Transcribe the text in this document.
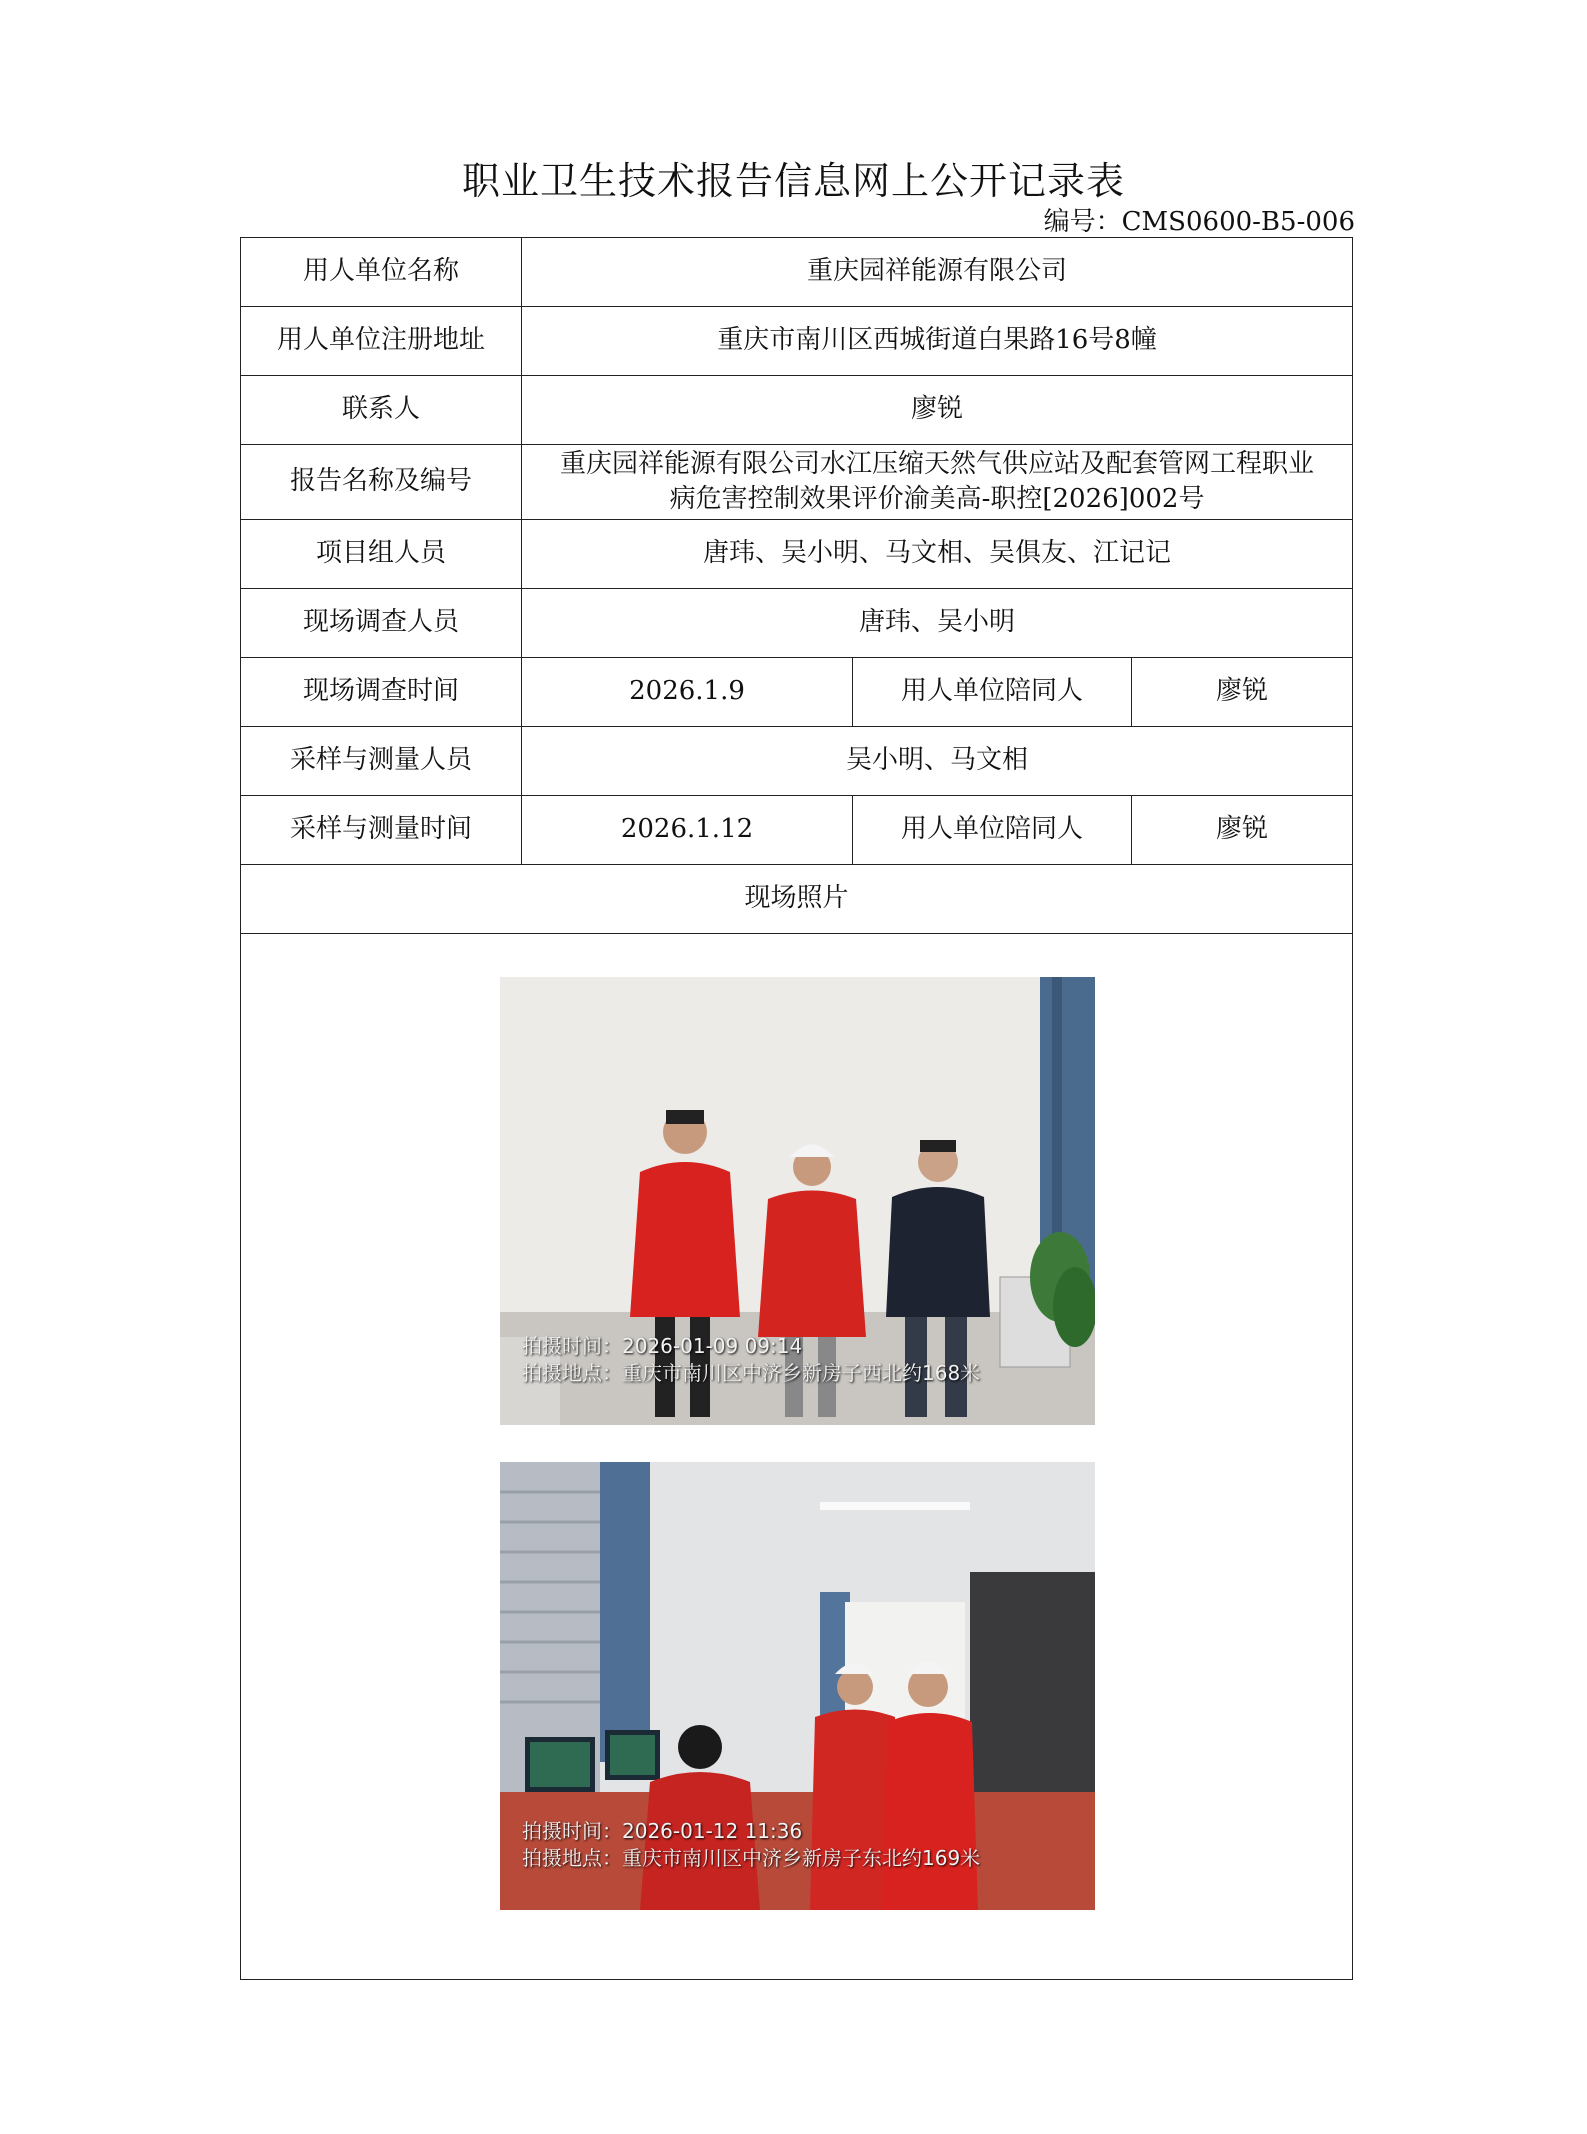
职业卫生技术报告信息网上公开记录表
编号：CMS0600-B5-006
用人单位名称	重庆园祥能源有限公司		
用人单位注册地址	重庆市南川区西城街道白果路16号8幢		
联系人	廖锐		
报告名称及编号	重庆园祥能源有限公司水江压缩天然气供应站及配套管网工程职业
病危害控制效果评价渝美高-职控[2026]002号		

项目组人员	唐玮、吴小明、马文相、吴俱友、江记记		
现场调查人员	唐玮、吴小明		
现场调查时间	2026.1.9	用人单位陪同人	廖锐
采样与测量人员	吴小明、马文相		
采样与测量时间	2026.1.12	用人单位陪同人	廖锐
现场照片			

拍摄时间：2026-01-09 09:14
拍摄地点：重庆市南川区中济乡新房子西北约168米
拍摄时间：2026-01-12 11:36
拍摄地点：重庆市南川区中济乡新房子东北约169米
